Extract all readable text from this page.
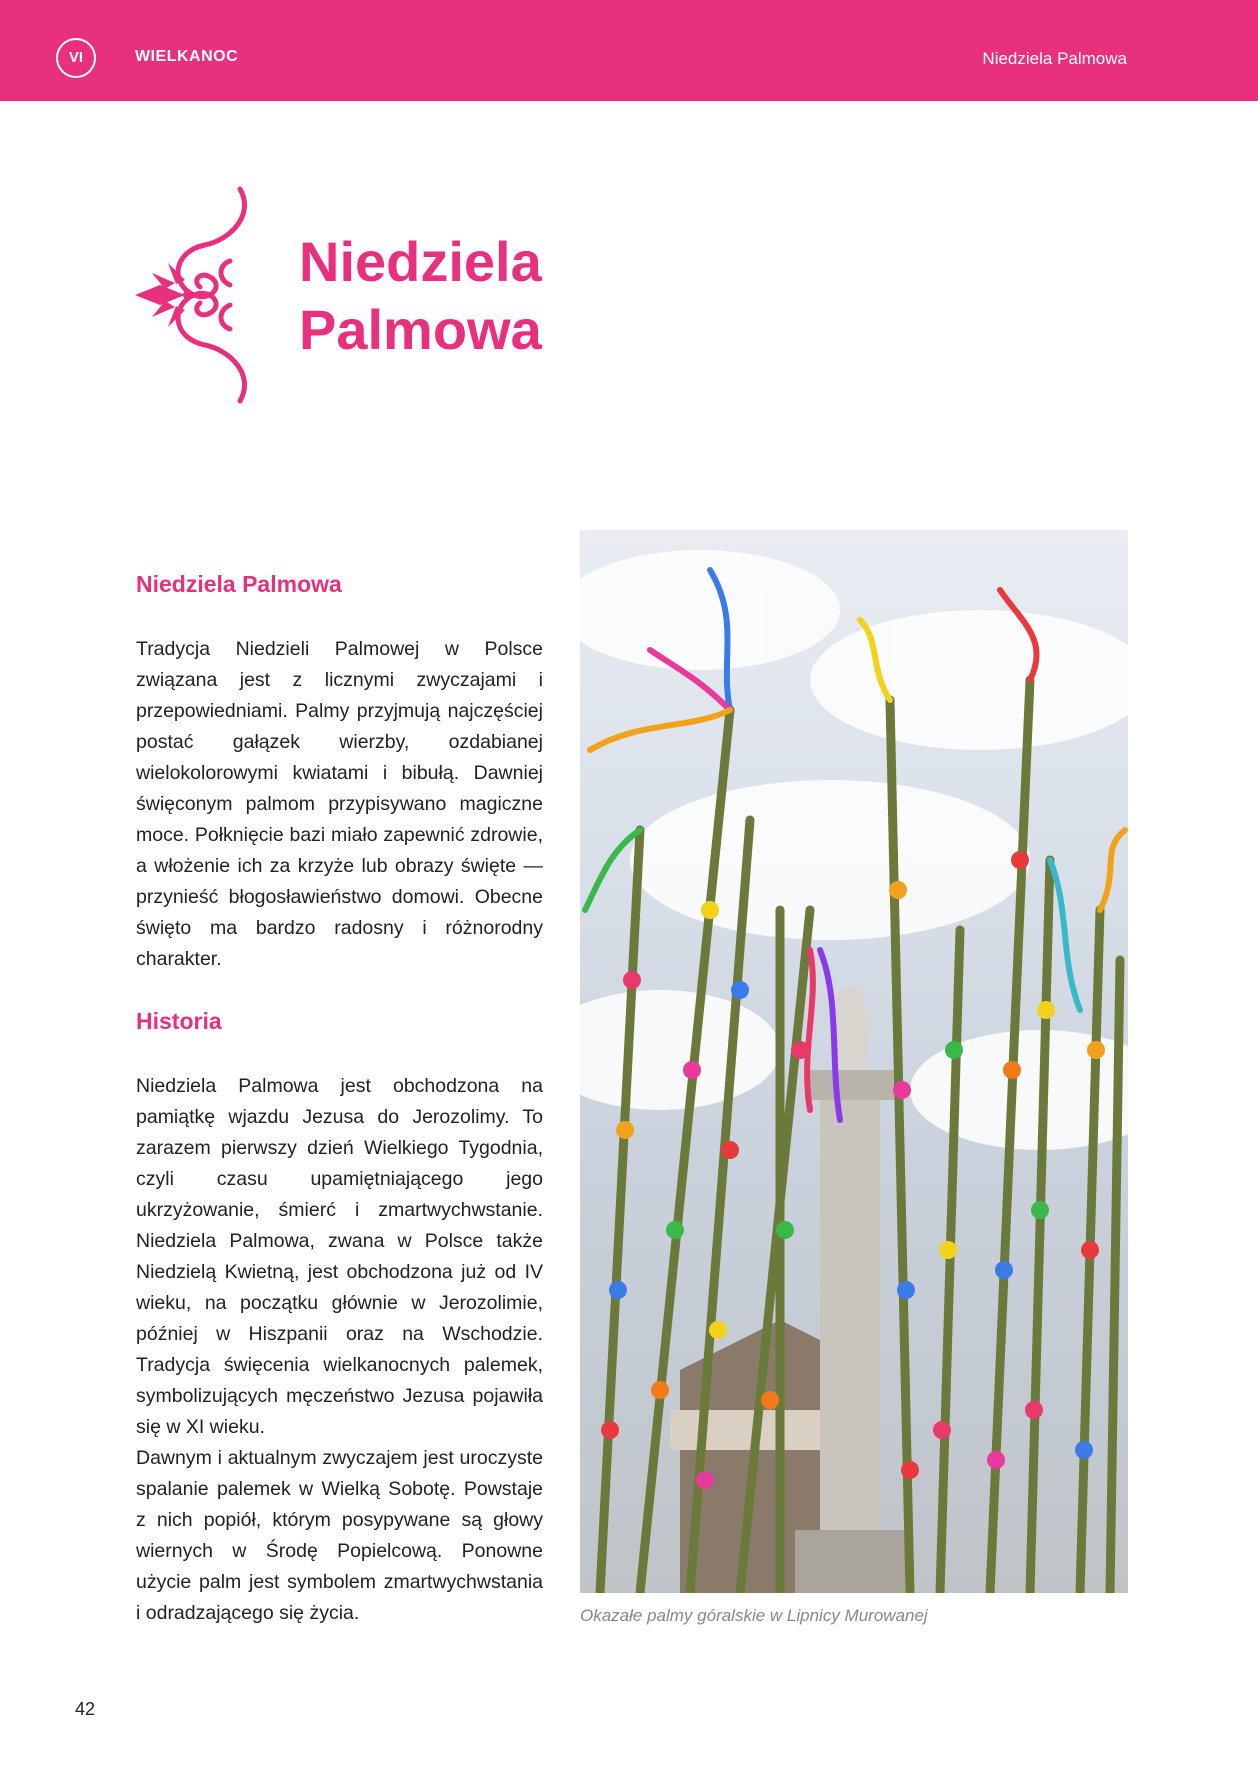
VI	WIELKANOC	Niedziela Palmowa
Niedziela
Palmowa
Niedziela Palmowa

Tradycja Niedzieli Palmowej w Polsce związana jest z licznymi zwyczajami i przepowiedniami. Palmy przyjmują najczęściej postać gałązek wierzby, ozdabianej wielokolorowymi kwiatami i bibułą. Dawniej święconym palmom przypisywano magiczne moce. Połknięcie bazi miało zapewnić zdrowie, a włożenie ich za krzyże lub obrazy święte — przynieść błogosławieństwo domowi. Obecne święto ma bardzo radosny i różnorodny charakter.

Historia

Niedziela Palmowa jest obchodzona na pamiątkę wjazdu Jezusa do Jerozolimy. To zarazem pierwszy dzień Wielkiego Tygodnia, czyli czasu upamiętniającego jego ukrzyżowanie, śmierć i zmartwychwstanie. Niedziela Palmowa, zwana w Polsce także Niedzielą Kwietną, jest obchodzona już od IV wieku, na początku głównie w Jerozolimie, później w Hiszpanii oraz na Wschodzie. Tradycja święcenia wielkanocnych palemek, symbolizujących męczeństwo Jezusa pojawiła się w XI wieku.

Dawnym i aktualnym zwyczajem jest uroczyste spalanie palemek w Wielką Sobotę. Powstaje z nich popiół, którym posypywane są głowy wiernych w Środę Popielcową. Ponowne użycie palm jest symbolem zmartwychwstania i odradzającego się życia.	Okazałe palmy góralskie w Lipnicy Murowanej
42
